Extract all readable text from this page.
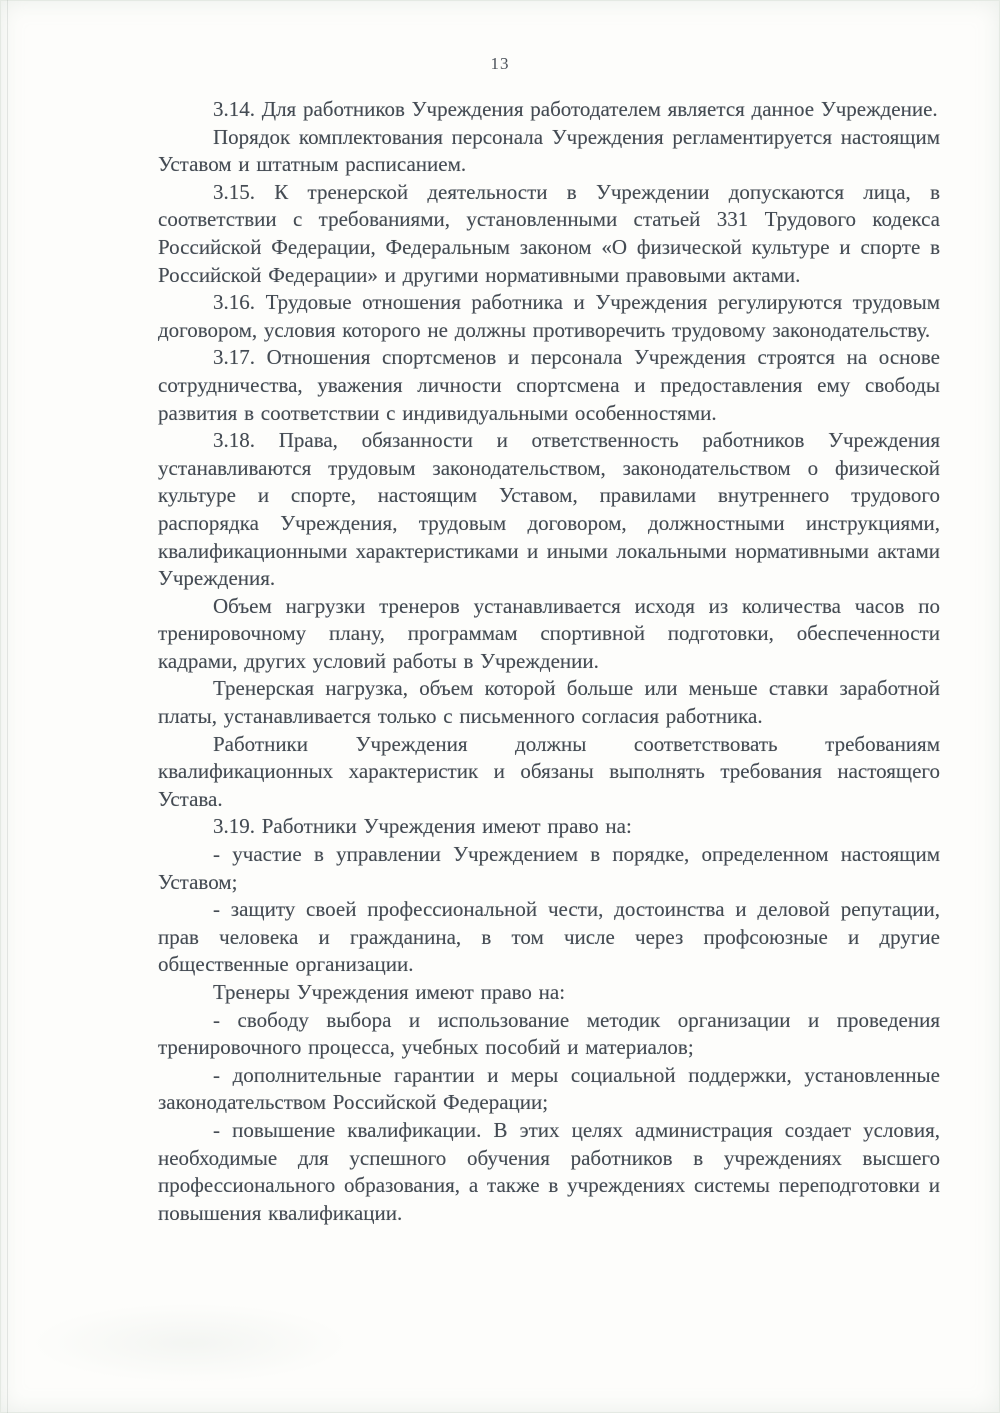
13

3.14. Для работников Учреждения работодателем является данное Учреждение.

Порядок комплектования персонала Учреждения регламентируется настоящим Уставом и штатным расписанием.

3.15. К тренерской деятельности в Учреждении допускаются лица, в соответствии с требованиями, установленными статьей 331 Трудового кодекса Российской Федерации, Федеральным законом «О физической культуре и спорте в Российской Федерации» и другими нормативными правовыми актами.

3.16. Трудовые отношения работника и Учреждения регулируются трудовым договором, условия которого не должны противоречить трудовому законодательству.

3.17. Отношения спортсменов и персонала Учреждения строятся на основе сотрудничества, уважения личности спортсмена и предоставления ему свободы развития в соответствии с индивидуальными особенностями.

3.18. Права, обязанности и ответственность работников Учреждения устанавливаются трудовым законодательством, законодательством о физической культуре и спорте, настоящим Уставом, правилами внутреннего трудового распорядка Учреждения, трудовым договором, должностными инструкциями, квалификационными характеристиками и иными локальными нормативными актами Учреждения.

Объем нагрузки тренеров устанавливается исходя из количества часов по тренировочному плану, программам спортивной подготовки, обеспеченности кадрами, других условий работы в Учреждении.

Тренерская нагрузка, объем которой больше или меньше ставки заработной платы, устанавливается только с письменного согласия работника.

Работники Учреждения должны соответствовать требованиям квалификационных характеристик и обязаны выполнять требования настоящего Устава.

3.19. Работники Учреждения имеют право на:

- участие в управлении Учреждением в порядке, определенном настоящим Уставом;

- защиту своей профессиональной чести, достоинства и деловой репутации, прав человека и гражданина, в том числе через профсоюзные и другие общественные организации.

Тренеры Учреждения имеют право на:

- свободу выбора и использование методик организации и проведения тренировочного процесса, учебных пособий и материалов;

- дополнительные гарантии и меры социальной поддержки, установленные законодательством Российской Федерации;

- повышение квалификации. В этих целях администрация создает условия, необходимые для успешного обучения работников в учреждениях высшего профессионального образования, а также в учреждениях системы переподготовки и повышения квалификации.
